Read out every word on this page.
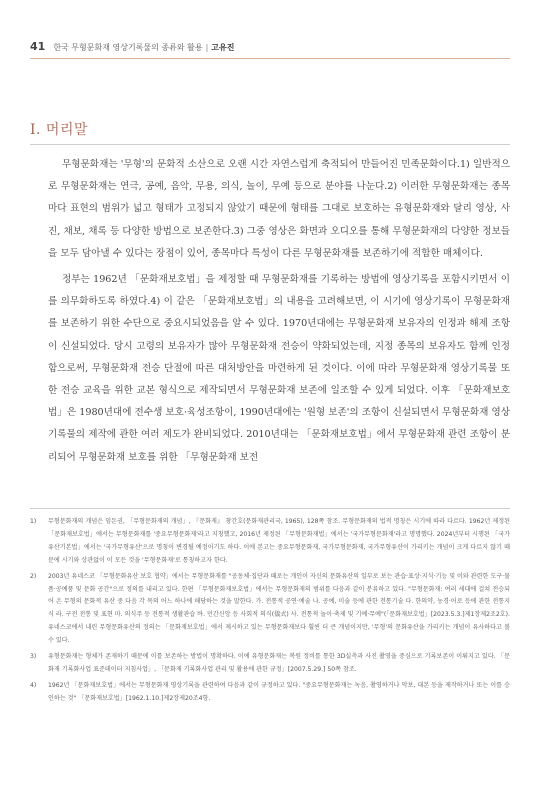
41 한국 무형문화재 영상기록물의 종류와 활용 | 고유진
Ⅰ. 머리말

무형문화재는 '무형'의 문화적 소산으로 오랜 시간 자연스럽게 축적되어 만들어진 민족문화이다.1) 일반적으로 무형문화재는 연극, 공예, 음악, 무용, 의식, 놀이, 무예 등으로 분야를 나눈다.2) 이러한 무형문화재는 종목마다 표현의 범위가 넓고 형태가 고정되지 않았기 때문에 형태를 그대로 보호하는 유형문화재와 달리 영상, 사진, 채보, 채록 등 다양한 방법으로 보존한다.3) 그중 영상은 화면과 오디오를 통해 무형문화재의 다양한 정보들을 모두 담아낼 수 있다는 장점이 있어, 종목마다 특성이 다른 무형문화재를 보존하기에 적합한 매체이다.

정부는 1962년 「문화재보호법」을 제정할 때 무형문화재를 기록하는 방법에 영상기록을 포함시키면서 이를 의무화하도록 하였다.4) 이 같은 「문화재보호법」의 내용을 고려해보면, 이 시기에 영상기록이 무형문화재를 보존하기 위한 수단으로 중요시되었음을 알 수 있다. 1970년대에는 무형문화재 보유자의 인정과 해제 조항이 신설되었다. 당시 고령의 보유자가 많아 무형문화재 전승이 약화되었는데, 지정 종목의 보유자도 함께 인정함으로써, 무형문화재 전승 단절에 따른 대처방안을 마련하게 된 것이다. 이에 따라 무형문화재 영상기록물 또한 전승 교육을 위한 교본 형식으로 제작되면서 무형문화재 보존에 일조할 수 있게 되었다. 이후 「문화재보호법」은 1980년대에 전수생 보호·육성조항이, 1990년대에는 '원형 보존'의 조항이 신설되면서 무형문화재 영상기록물의 제작에 관한 여러 제도가 완비되었다. 2010년대는 「문화재보호법」에서 무형문화재 관련 조항이 분리되어 무형문화재 보호를 위한 「무형문화재 보전

1)	무형문화재의 개념은 임돈권, 「무형문화재의 개념」, 『문화재』 창간호(문화재관리국, 1965), 128쪽 참조. 무형문화재의 법적 명칭은 시기에 따라 다르다. 1962년 제정된 「문화재보호법」에서는 무형문화재를 '중요무형문화재'라고 지칭했고, 2016년 제정된 「무형문화재법」에서는 '국가무형문화재'라고 명명했다. 2024년부터 시행된 「국가유산기본법」에서는 '국가무형유산'으로 명칭이 변경될 예정이기도 하다. 이에 본고는 중요무형문화재, 국가무형문화재, 국가무형유산이 가리키는 개념이 크게 다르지 않기 때문에 시기와 상관없이 이 모든 것을 '무형문화재'로 통칭하고자 한다.
2)	2003년 유네스코 「무형문화유산 보호 협약」에서는 무형문화재를 "공동체·집단과 때로는 개인이 자신의 문화유산의 일부로 보는 관습·표상·지식·기능 및 이와 관련한 도구·물품·공예품 및 문화 공간"으로 정의를 내리고 있다. 한편 「무형문화재보호법」에서는 무형문화재의 범위를 다음과 같이 분류하고 있다. "무형문화재: 여러 세대에 걸쳐 전승되어 온 무형의 문화적 유산 중 다음 각 목의 어느 하나에 해당하는 것을 말한다. 가. 전통적 공연·예술 나. 공예, 미술 등에 관한 전통기술 다. 한의약, 농경·어로 등에 관한 전통지식 라. 구전 전통 및 표현 마. 의식주 등 전통적 생활관습 바. 민간신앙 등 사회적 의식(儀式) 사. 전통적 놀이·축제 및 기예·무예"(「문화재보호법」[2023.5.3.]제1장제2조2호). 유네스코에서 내린 무형문화유산의 정의는 「문화재보호법」에서 제시하고 있는 무형문화재보다 훨씬 더 큰 개념이지만, '무형'의 문화유산을 가리키는 개념이 유사하다고 볼 수 있다.
3)	유형문화재는 형체가 존재하기 때문에 이를 보존하는 방법이 명확하다. 이에 유형문화재는 복원 정비를 통한 3D실측과 사진 촬영을 중심으로 기록보존이 이뤄지고 있다. 「문화재 기록화사업 표준데이터 지침사업」, 「문화재 기록화사업 관리 및 활용에 관한 규정」[2007.5.29.] 50쪽 참조.
4)	1962년 「문화재보호법」에서는 무형문화재 영상기록을 관련하여 다음과 같이 규정하고 있다. "중요무형문화재는 녹음, 촬영하거나 악보, 대본 등을 제작하거나 또는 이를 승인하는 것" 「문화재보호법」[1962.1.10.]제2장제20조4항.
